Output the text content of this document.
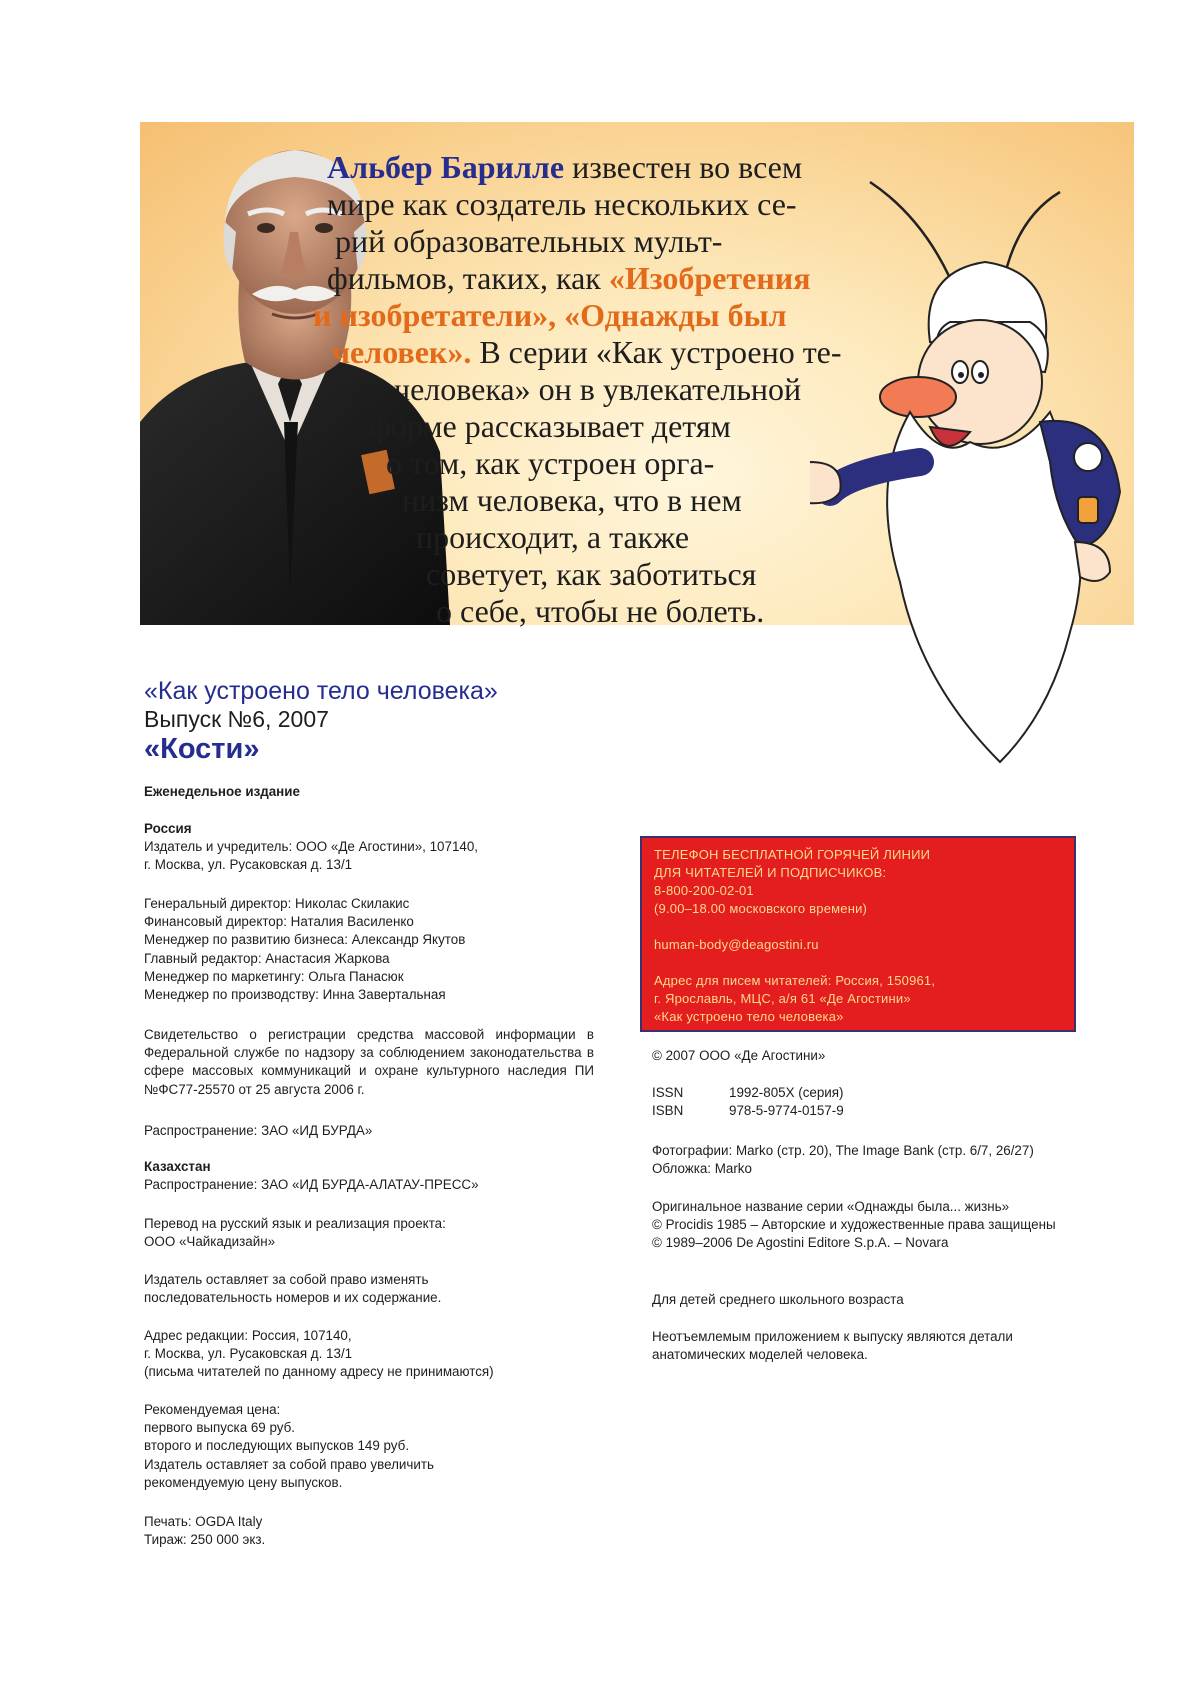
Альбер Барилле известен во всем
мире как создатель нескольких се-
рий образовательных мульт-
фильмов, таких, как «Изобретения
и изобретатели», «Однажды был
человек». В серии «Как устроено те-
ло человека» он в увлекательной
форме рассказывает детям
о том, как устроен орга-
низм человека, что в нем
происходит, а также
советует, как заботиться
о себе, чтобы не болеть.
«Как устроено тело человека»
Выпуск №6, 2007
«Кости»
Еженедельное издание
Россия
Издатель и учредитель: ООО «Де Агостини», 107140,
г. Москва, ул. Русаковская д. 13/1
Генеральный директор: Николас Скилакис
Финансовый директор: Наталия Василенко
Менеджер по развитию бизнеса: Александр Якутов
Главный редактор: Анастасия Жаркова
Менеджер по маркетингу: Ольга Панасюк
Менеджер по производству: Инна Завертальная
Свидетельство о регистрации средства массовой информации в Федеральной службе по надзору за соблюдением законодательства в сфере массовых коммуникаций и охране культурного наследия ПИ №ФС77-25570 от 25 августа 2006 г.
Распространение: ЗАО «ИД БУРДА»
Казахстан
Распространение: ЗАО «ИД БУРДА-АЛАТАУ-ПРЕСС»
Перевод на русский язык и реализация проекта:
ООО «Чайкадизайн»
Издатель оставляет за собой право изменять
последовательность номеров и их содержание.
Адрес редакции: Россия, 107140,
г. Москва, ул. Русаковская д. 13/1
(письма читателей по данному адресу не принимаются)
Рекомендуемая цена:
первого выпуска 69 руб.
второго и последующих выпусков 149 руб.
Издатель оставляет за собой право увеличить
рекомендуемую цену выпусков.
Печать: OGDA Italy
Тираж: 250 000 экз.
ТЕЛЕФОН БЕСПЛАТНОЙ ГОРЯЧЕЙ ЛИНИИ
ДЛЯ ЧИТАТЕЛЕЙ И ПОДПИСЧИКОВ:
8-800-200-02-01
(9.00–18.00 московского времени)
human-body@deagostini.ru
Адрес для писем читателей: Россия, 150961,
г. Ярославль, МЦС, а/я 61 «Де Агостини»
«Как устроено тело человека»
© 2007 ООО «Де Агостини»
ISSN	1992-805X (серия)
ISBN	978-5-9774-0157-9
Фотографии: Marko (стр. 20), The Image Bank (стр. 6/7, 26/27)
Обложка: Marko
Оригинальное название серии «Однажды была... жизнь»
© Procidis 1985 – Авторские и художественные права защищены
© 1989–2006 De Agostini Editore S.p.A. – Novara
Для детей среднего школьного возраста
Неотъемлемым приложением к выпуску являются детали
анатомических моделей человека.
